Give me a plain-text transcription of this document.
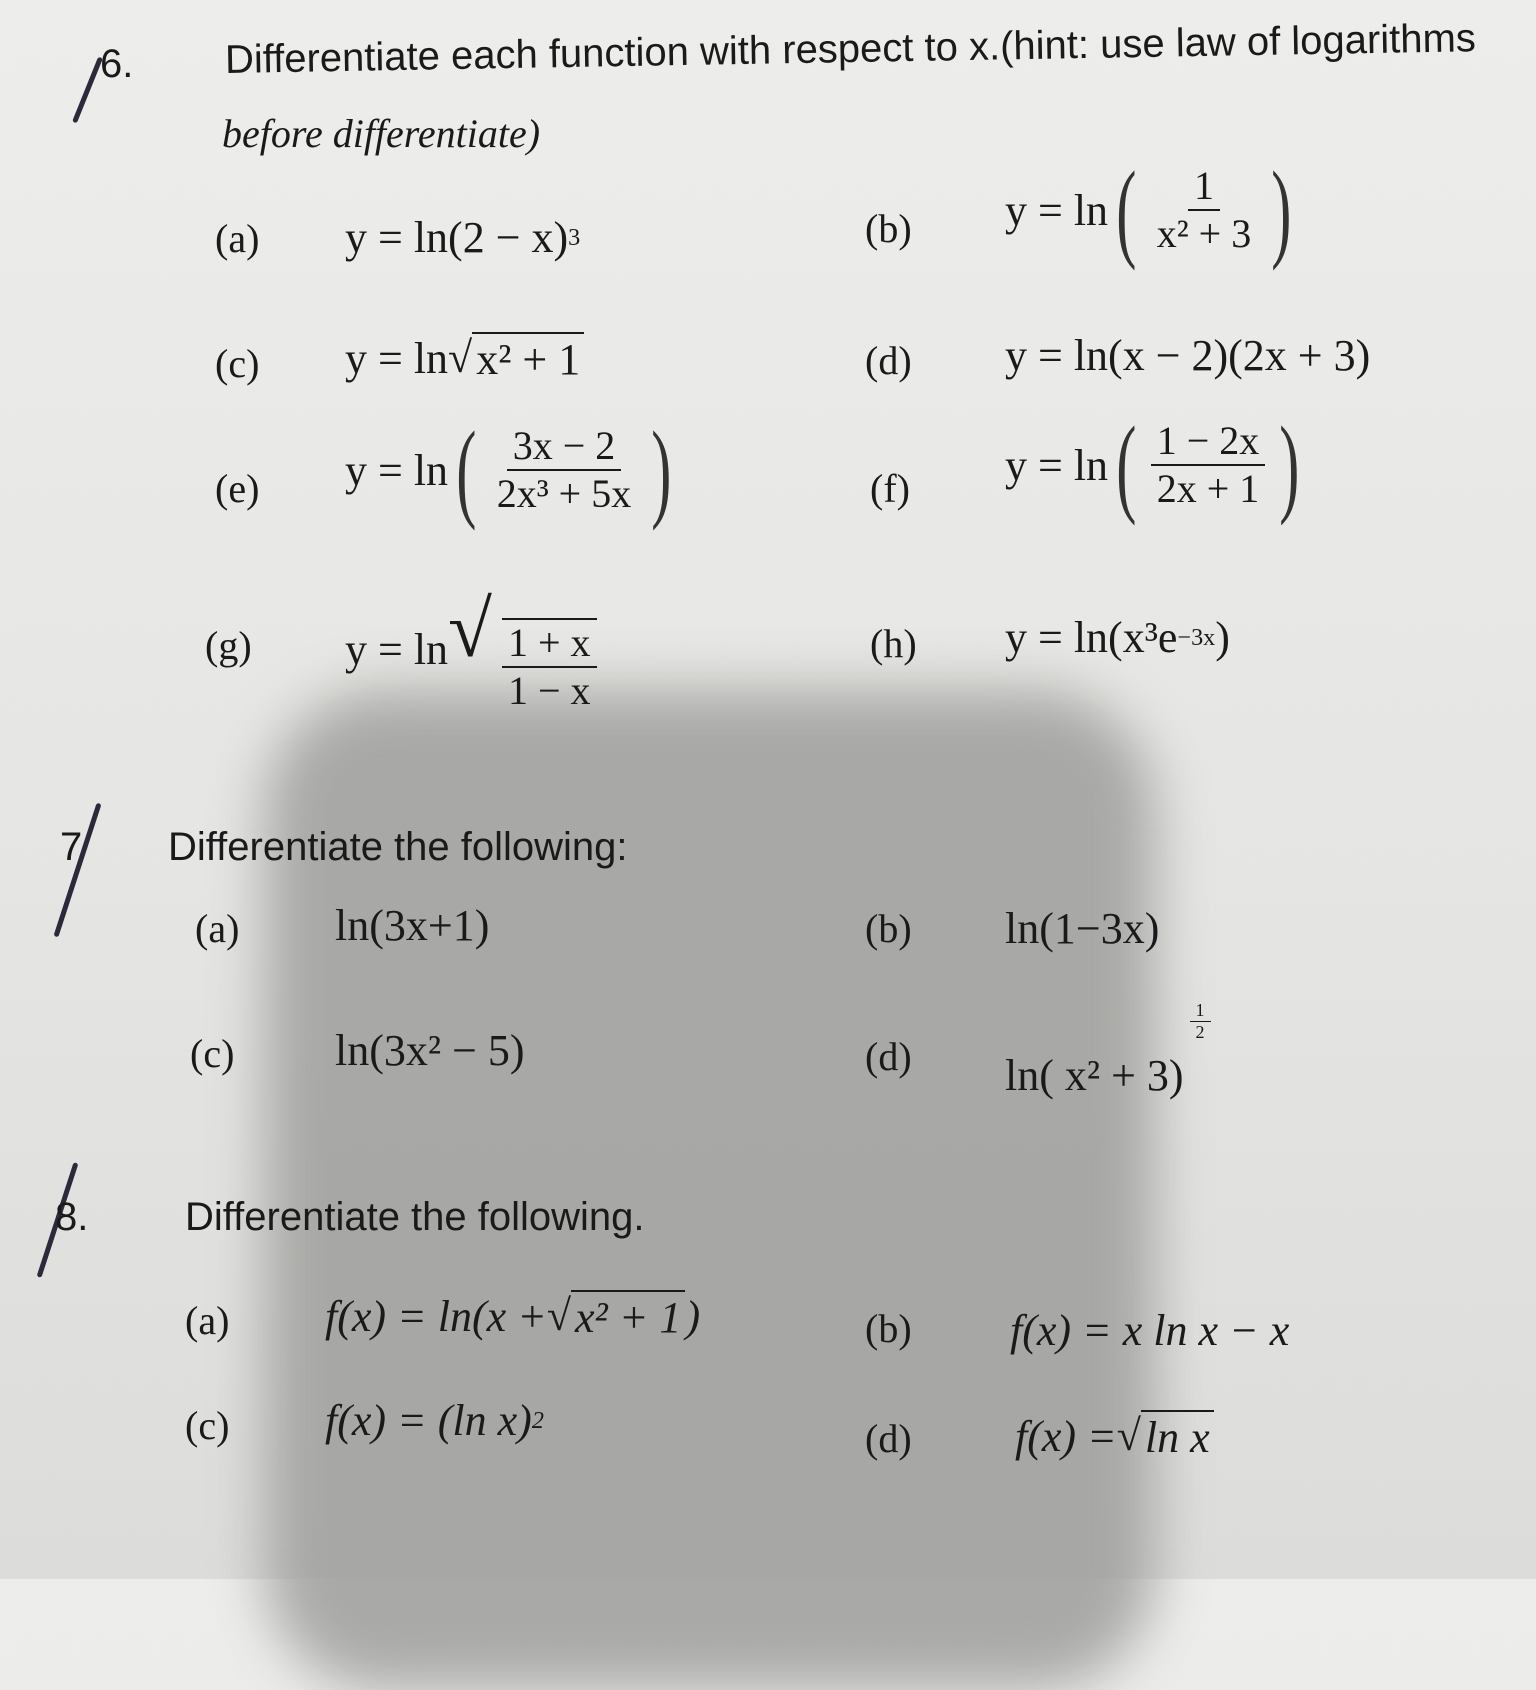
6. Differentiate each function with respect to x.(hint: use law of logarithms
before differentiate)
(a) y = ln(2 − x) 3	(b) y = ln ( $\frac{1}{\text{x² + 3}}$ )
(c) y = ln √ x² + 1	(d) y = ln(x − 2)(2x + 3)
(e) y = ln ( $\frac{3x - 2}{\text{2x³ + 5x}}$ )	(f) y = ln ( $\frac{1 - 2x}{2x + 1}$ )
(g) y = ln √ $\frac{1 + x}{1 - x}$	(h) y = ln(x³e −3x )
7 Differentiate the following:
(a) ln(3x+1)	(b) ln(1−3x)
(c) ln(3x² − 5)	(d) ln( x² + 3)
$\frac{1}{2}$
8. Differentiate the following.
(a) f(x) = ln(x + √ x² + 1 )	(b) f(x) = x ln x − x
(c) f(x) = (ln x) 2	(d) f(x) = √ ln x
